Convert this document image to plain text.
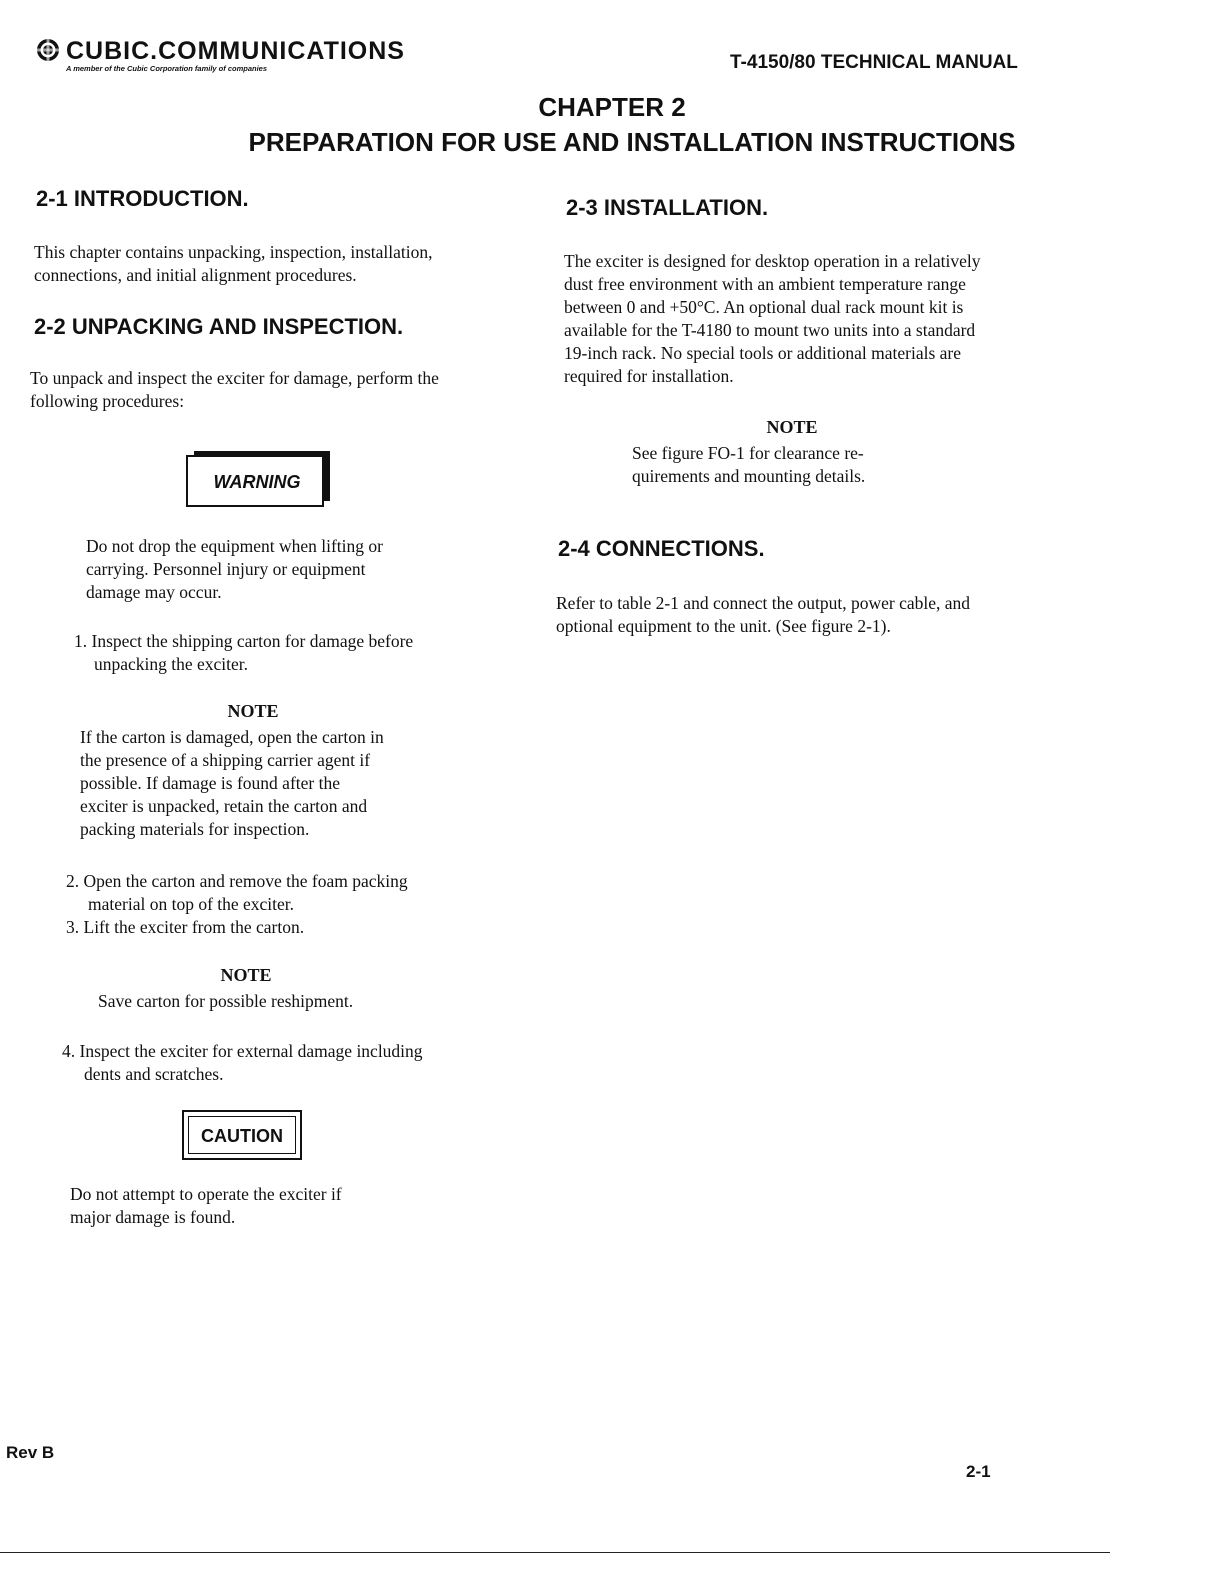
CUBIC.COMMUNICATIONS
A member of the Cubic Corporation family of companies	T-4150/80 TECHNICAL MANUAL
CHAPTER 2
PREPARATION FOR USE AND INSTALLATION INSTRUCTIONS
2-1 INTRODUCTION.
This chapter contains unpacking, inspection, installation,
connections, and initial alignment procedures.
2-2 UNPACKING AND INSPECTION.
To unpack and inspect the exciter for damage, perform the
following procedures:
WARNING
Do not drop the equipment when lifting or
carrying. Personnel injury or equipment
damage may occur.
1. Inspect the shipping carton for damage before
unpacking the exciter.
NOTE
If the carton is damaged, open the carton in
the presence of a shipping carrier agent if
possible. If damage is found after the
exciter is unpacked, retain the carton and
packing materials for inspection.
2. Open the carton and remove the foam packing
material on top of the exciter.
3. Lift the exciter from the carton.
NOTE
Save carton for possible reshipment.
4. Inspect the exciter for external damage including
dents and scratches.
CAUTION
Do not attempt to operate the exciter if
major damage is found.
2-3 INSTALLATION.
The exciter is designed for desktop operation in a relatively
dust free environment with an ambient temperature range
between 0 and +50°C. An optional dual rack mount kit is
available for the T-4180 to mount two units into a standard
19-inch rack. No special tools or additional materials are
required for installation.
NOTE
See figure FO-1 for clearance re-
quirements and mounting details.
2-4 CONNECTIONS.
Refer to table 2-1 and connect the output, power cable, and
optional equipment to the unit. (See figure 2-1).
Rev B
2-1
